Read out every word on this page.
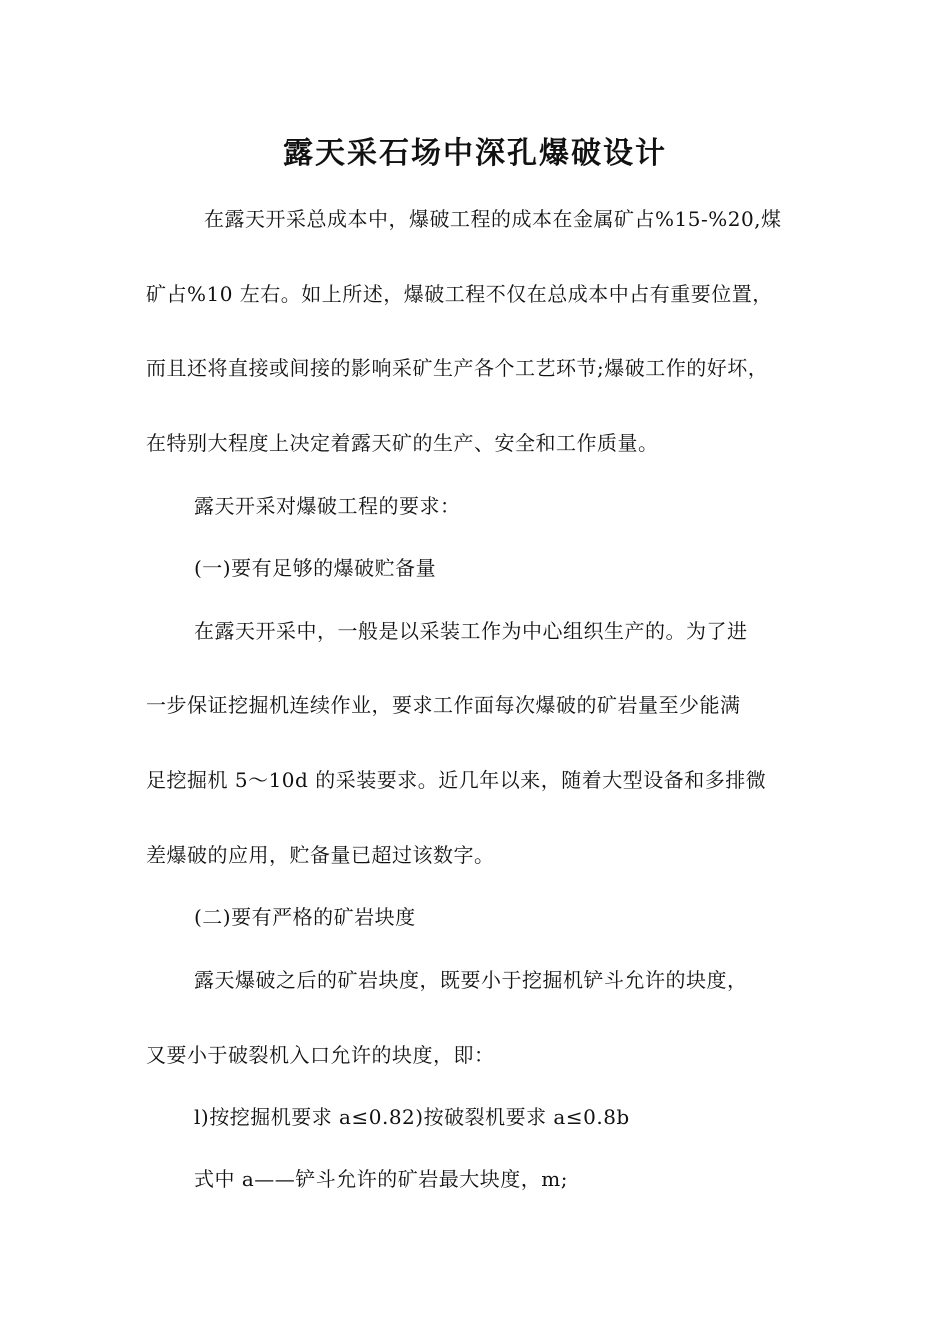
露天采石场中深孔爆破设计
在露天开采总成本中，爆破工程的成本在金属矿占%15-%20,煤
矿占%10 左右。如上所述，爆破工程不仅在总成本中占有重要位置，
而且还将直接或间接的影响采矿生产各个工艺环节;爆破工作的好坏，
在特别大程度上决定着露天矿的生产、安全和工作质量。
露天开采对爆破工程的要求：
(一)要有足够的爆破贮备量
在露天开采中，一般是以采装工作为中心组织生产的。为了进
一步保证挖掘机连续作业，要求工作面每次爆破的矿岩量至少能满
足挖掘机 5～10d 的采装要求。近几年以来，随着大型设备和多排微
差爆破的应用，贮备量已超过该数字。
(二)要有严格的矿岩块度
露天爆破之后的矿岩块度，既要小于挖掘机铲斗允许的块度，
又要小于破裂机入口允许的块度，即：
l)按挖掘机要求 a≤0.82)按破裂机要求 a≤0.8b
式中 a——铲斗允许的矿岩最大块度，m;
